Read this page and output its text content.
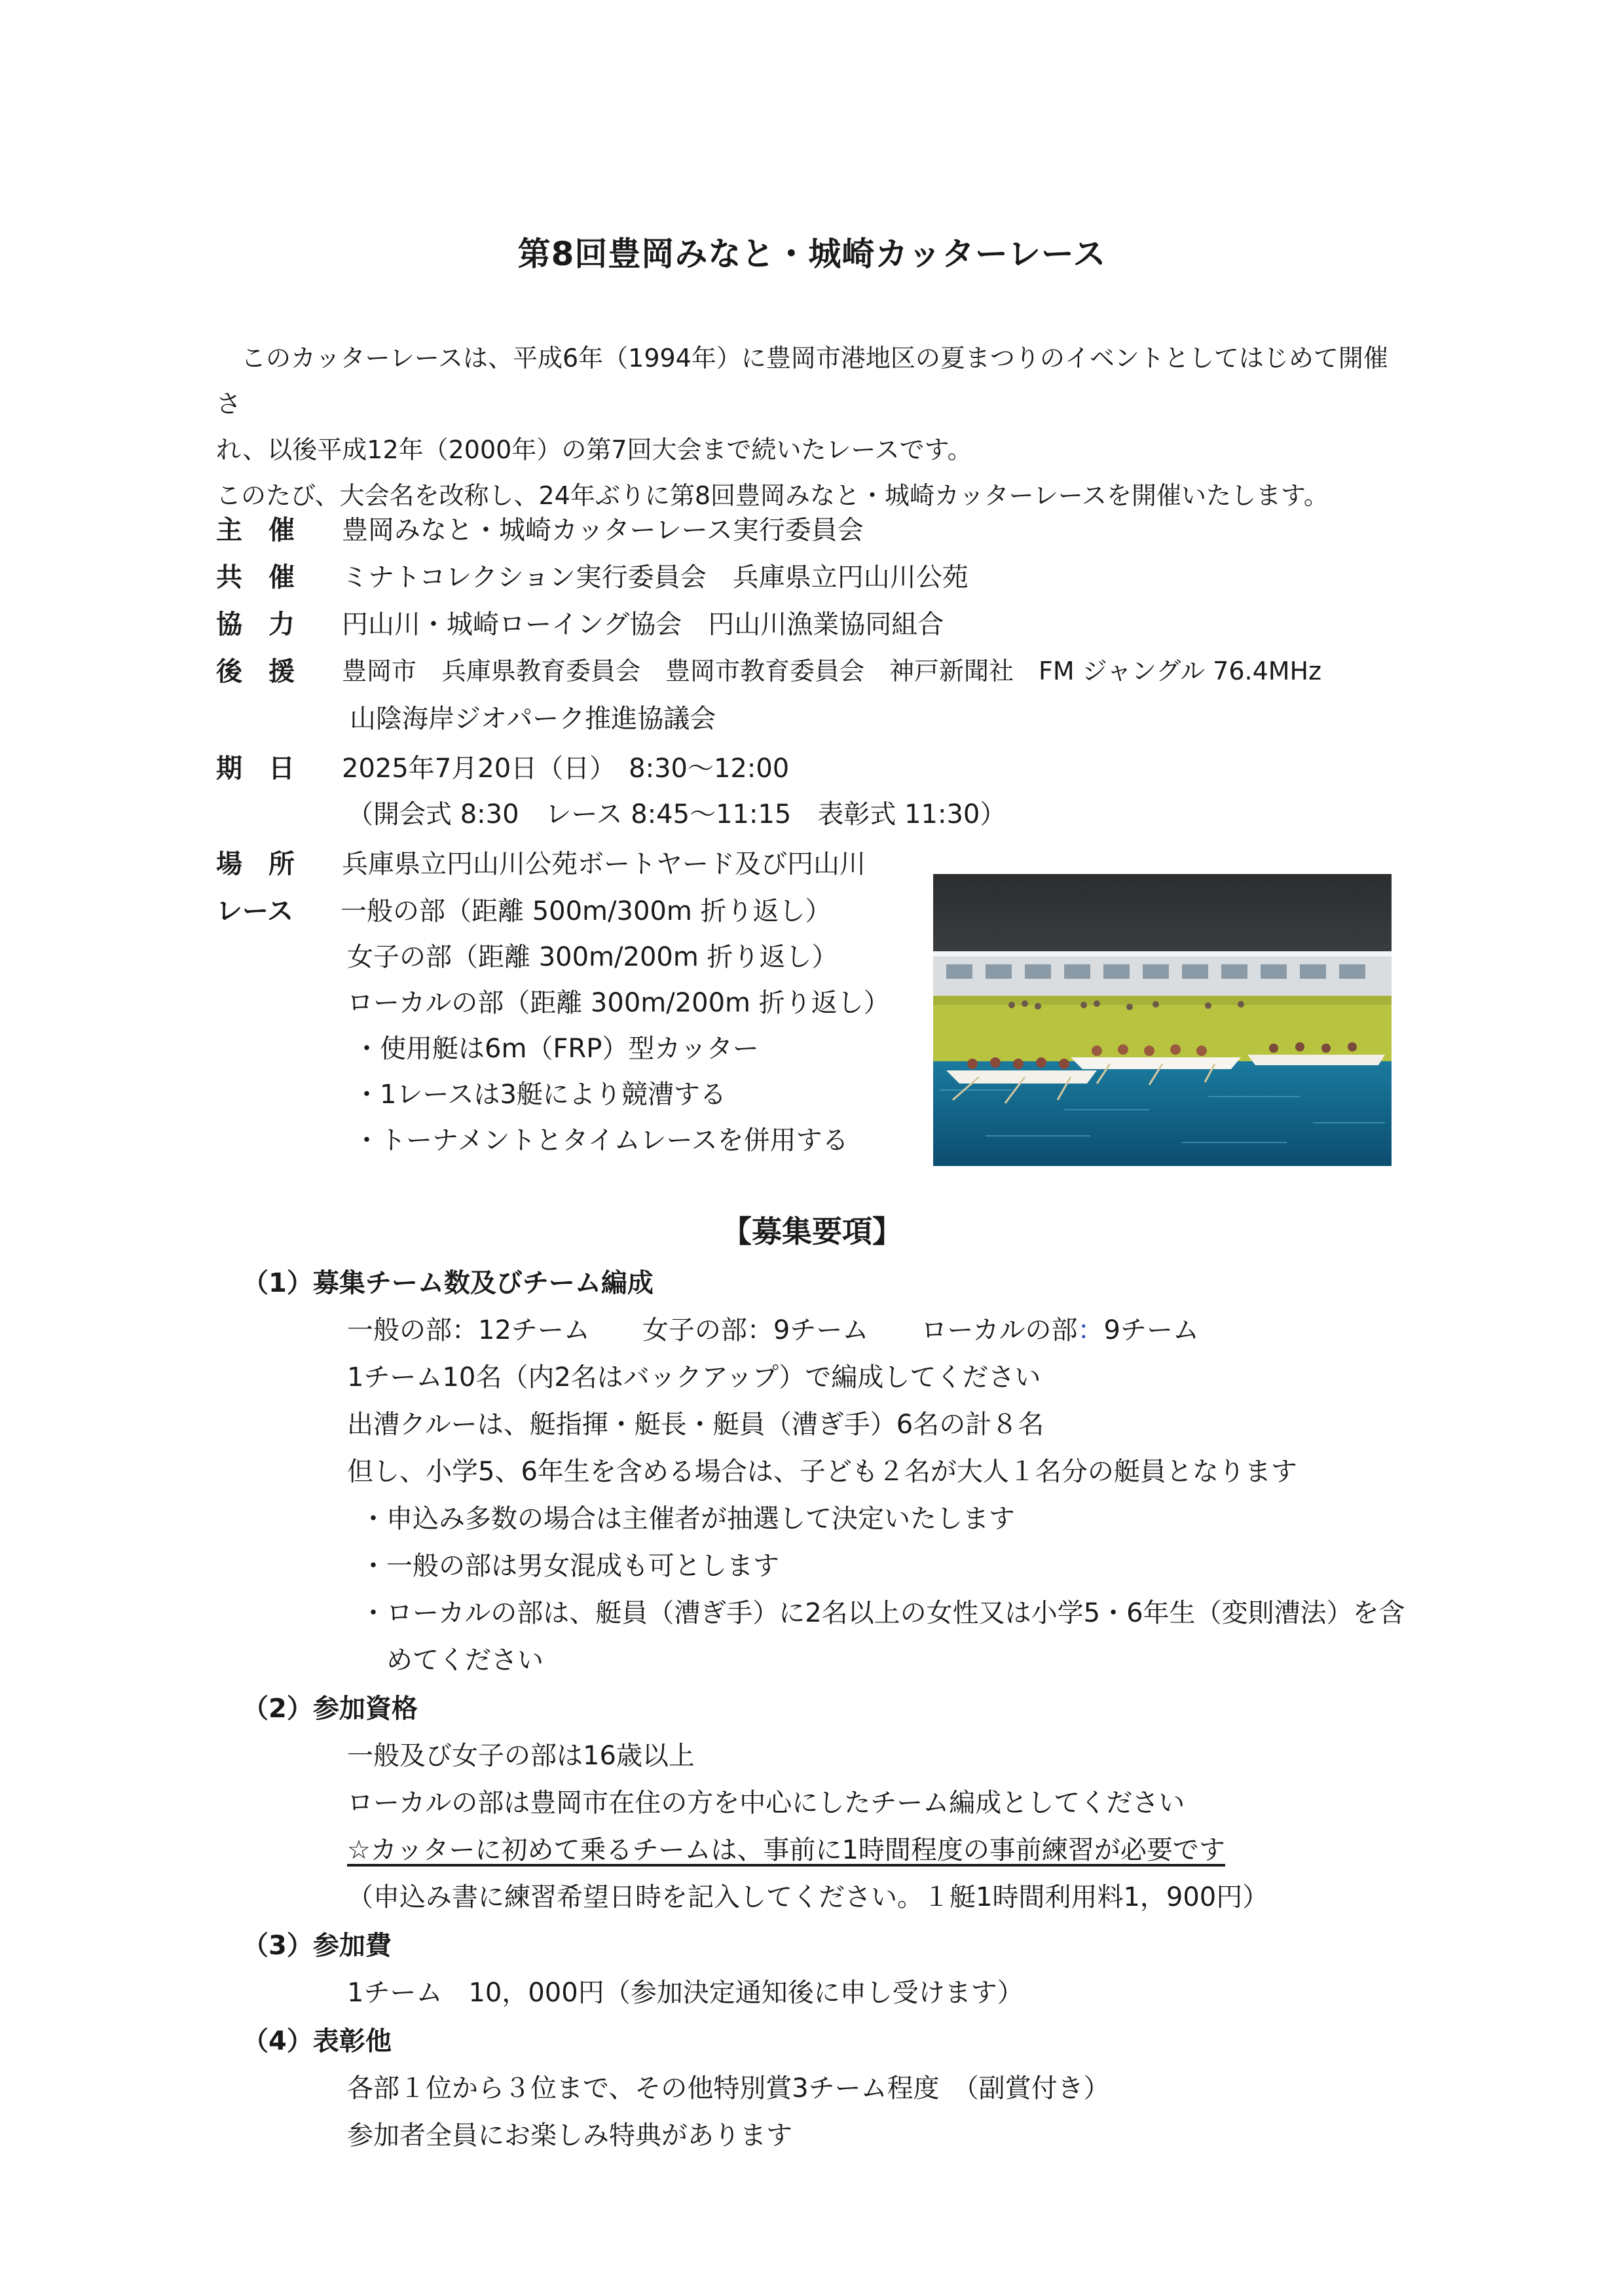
第8回豊岡みなと・城崎カッターレース

このカッターレースは、平成6年（1994年）に豊岡市港地区の夏まつりのイベントとしてはじめて開催さ

れ、以後平成12年（2000年）の第7回大会まで続いたレースです。

このたび、大会名を改称し、24年ぶりに第8回豊岡みなと・城崎カッターレースを開催いたします。

主　催	豊岡みなと・城崎カッターレース実行委員会
共　催	ミナトコレクション実行委員会　兵庫県立円山川公苑
協　力	円山川・城崎ローイング協会　円山川漁業協同組合
後　援	豊岡市　兵庫県教育委員会　豊岡市教育委員会　神戸新聞社　FM ジャングル 76.4MHz
山陰海岸ジオパーク推進協議会
期　日	2025年7月20日（日）　8:30～12:00
（開会式 8:30　レース 8:45～11:15　表彰式 11:30）
場　所	兵庫県立円山川公苑ボートヤード及び円山川
レース	一般の部（距離 500m/300m 折り返し）
女子の部（距離 300m/200m 折り返し）
ローカルの部（距離 300m/200m 折り返し）
・使用艇は6m（FRP）型カッター
・1レースは3艇により競漕する
・トーナメントとタイムレースを併用する
【募集要項】
（1）募集チーム数及びチーム編成
一般の部：12チーム　　女子の部：9チーム　　ローカルの部：9チーム
1チーム10名（内2名はバックアップ）で編成してください
出漕クルーは、艇指揮・艇長・艇員（漕ぎ手）6名の計８名
但し、小学5、6年生を含める場合は、子ども２名が大人１名分の艇員となります
・申込み多数の場合は主催者が抽選して決定いたします
・一般の部は男女混成も可とします
・ローカルの部は、艇員（漕ぎ手）に2名以上の女性又は小学5・6年生（変則漕法）を含
　めてください
（2）参加資格
一般及び女子の部は16歳以上
ローカルの部は豊岡市在住の方を中心にしたチーム編成としてください
☆カッターに初めて乗るチームは、事前に1時間程度の事前練習が必要です
（申込み書に練習希望日時を記入してください。１艇1時間利用料1，900円）
（3）参加費
1チーム　10，000円（参加決定通知後に申し受けます）
（4）表彰他
各部１位から３位まで、その他特別賞3チーム程度　（副賞付き）
参加者全員にお楽しみ特典があります
